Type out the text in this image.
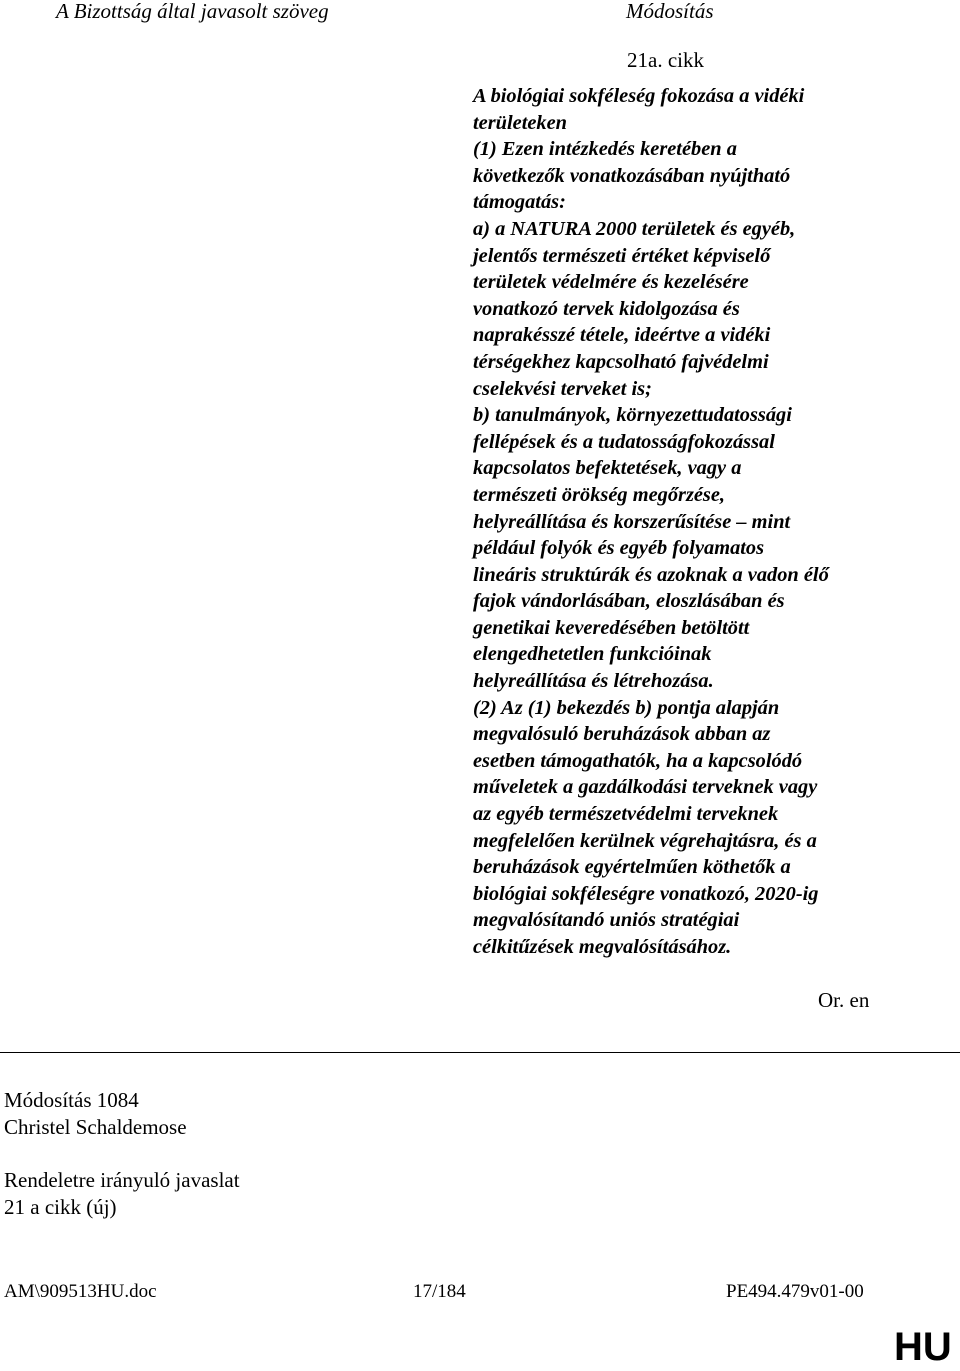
A Bizottság által javasolt szöveg	Módosítás
21a. cikk
A biológiai sokféleség fokozása a vidéki
területeken
(1) Ezen intézkedés keretében a
következők vonatkozásában nyújtható
támogatás:
a) a NATURA 2000 területek és egyéb,
jelentős természeti értéket képviselő
területek védelmére és kezelésére
vonatkozó tervek kidolgozása és
naprakésszé tétele, ideértve a vidéki
térségekhez kapcsolható fajvédelmi
cselekvési terveket is;
b) tanulmányok, környezettudatossági
fellépések és a tudatosságfokozással
kapcsolatos befektetések, vagy a
természeti örökség megőrzése,
helyreállítása és korszerűsítése – mint
például folyók és egyéb folyamatos
lineáris struktúrák és azoknak a vadon élő
fajok vándorlásában, eloszlásában és
genetikai keveredésében betöltött
elengedhetetlen funkcióinak
helyreállítása és létrehozása.
(2) Az (1) bekezdés b) pontja alapján
megvalósuló beruházások abban az
esetben támogathatók, ha a kapcsolódó
műveletek a gazdálkodási terveknek vagy
az egyéb természetvédelmi terveknek
megfelelően kerülnek végrehajtásra, és a
beruházások egyértelműen köthetők a
biológiai sokféleségre vonatkozó, 2020-ig
megvalósítandó uniós stratégiai
célkitűzések megvalósításához.
Or. en
Módosítás 1084
Christel Schaldemose
Rendeletre irányuló javaslat
21 a cikk (új)
AM\909513HU.doc	17/184	PE494.479v01-00
HU
